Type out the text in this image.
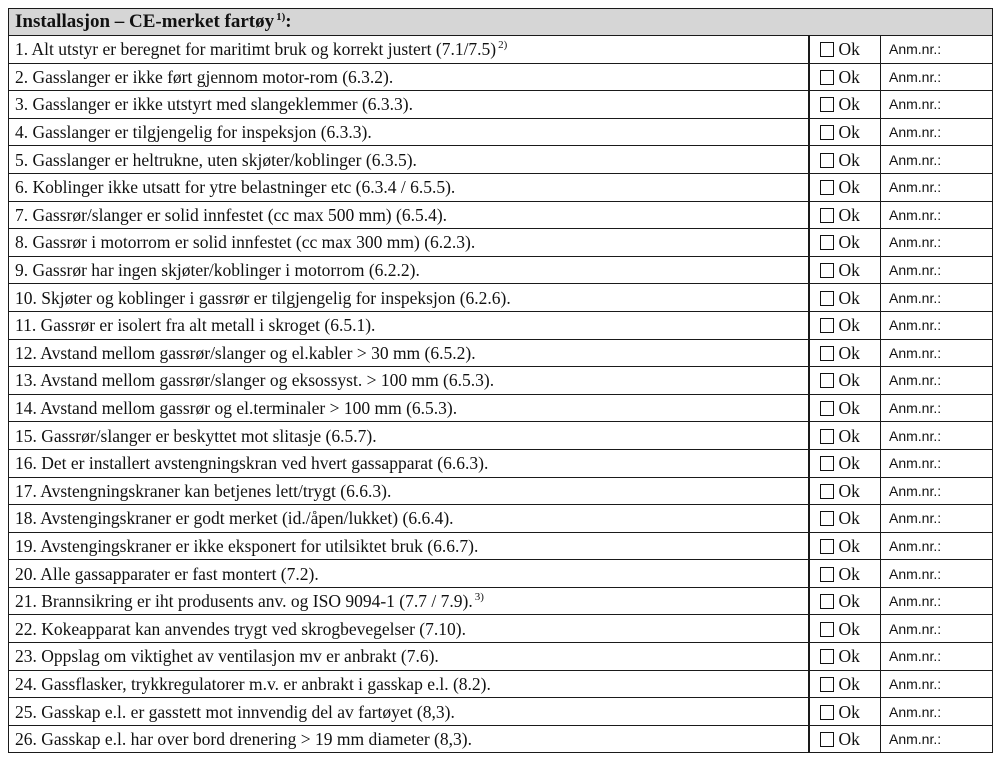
Installasjon – CE-merket fartøy $^{1)}$:		
1. Alt utstyr er beregnet for maritimt bruk og korrekt justert (7.1/7.5) $^{2)}$	Ok	Anm.nr.:
2. Gasslanger er ikke ført gjennom motor-rom (6.3.2).	Ok	Anm.nr.:
3. Gasslanger er ikke utstyrt med slangeklemmer (6.3.3).	Ok	Anm.nr.:
4. Gasslanger er tilgjengelig for inspeksjon (6.3.3).	Ok	Anm.nr.:
5. Gasslanger er heltrukne, uten skjøter/koblinger (6.3.5).	Ok	Anm.nr.:
6. Koblinger ikke utsatt for ytre belastninger etc (6.3.4 / 6.5.5).	Ok	Anm.nr.:
7. Gassrør/slanger er solid innfestet (cc max 500 mm) (6.5.4).	Ok	Anm.nr.:
8. Gassrør i motorrom er solid innfestet (cc max 300 mm) (6.2.3).	Ok	Anm.nr.:
9. Gassrør har ingen skjøter/koblinger i motorrom (6.2.2).	Ok	Anm.nr.:
10. Skjøter og koblinger i gassrør er tilgjengelig for inspeksjon (6.2.6).	Ok	Anm.nr.:
11. Gassrør er isolert fra alt metall i skroget (6.5.1).	Ok	Anm.nr.:
12. Avstand mellom gassrør/slanger og el.kabler > 30 mm (6.5.2).	Ok	Anm.nr.:
13. Avstand mellom gassrør/slanger og eksossyst. > 100 mm (6.5.3).	Ok	Anm.nr.:
14. Avstand mellom gassrør og el.terminaler > 100 mm (6.5.3).	Ok	Anm.nr.:
15. Gassrør/slanger er beskyttet mot slitasje (6.5.7).	Ok	Anm.nr.:
16. Det er installert avstengningskran ved hvert gassapparat (6.6.3).	Ok	Anm.nr.:
17. Avstengningskraner kan betjenes lett/trygt (6.6.3).	Ok	Anm.nr.:
18. Avstengingskraner er godt merket (id./åpen/lukket) (6.6.4).	Ok	Anm.nr.:
19. Avstengingskraner er ikke eksponert for utilsiktet bruk (6.6.7).	Ok	Anm.nr.:
20. Alle gassapparater er fast montert (7.2).	Ok	Anm.nr.:
21. Brannsikring er iht produsents anv. og ISO 9094-1 (7.7 / 7.9). $^{3)}$	Ok	Anm.nr.:
22. Kokeapparat kan anvendes trygt ved skrogbevegelser (7.10).	Ok	Anm.nr.:
23. Oppslag om viktighet av ventilasjon mv er anbrakt (7.6).	Ok	Anm.nr.:
24. Gassflasker, trykkregulatorer m.v. er anbrakt i gasskap e.l. (8.2).	Ok	Anm.nr.:
25. Gasskap e.l. er gasstett mot innvendig del av fartøyet (8,3).	Ok	Anm.nr.:
26. Gasskap e.l. har over bord drenering > 19 mm diameter (8,3).	Ok	Anm.nr.:
